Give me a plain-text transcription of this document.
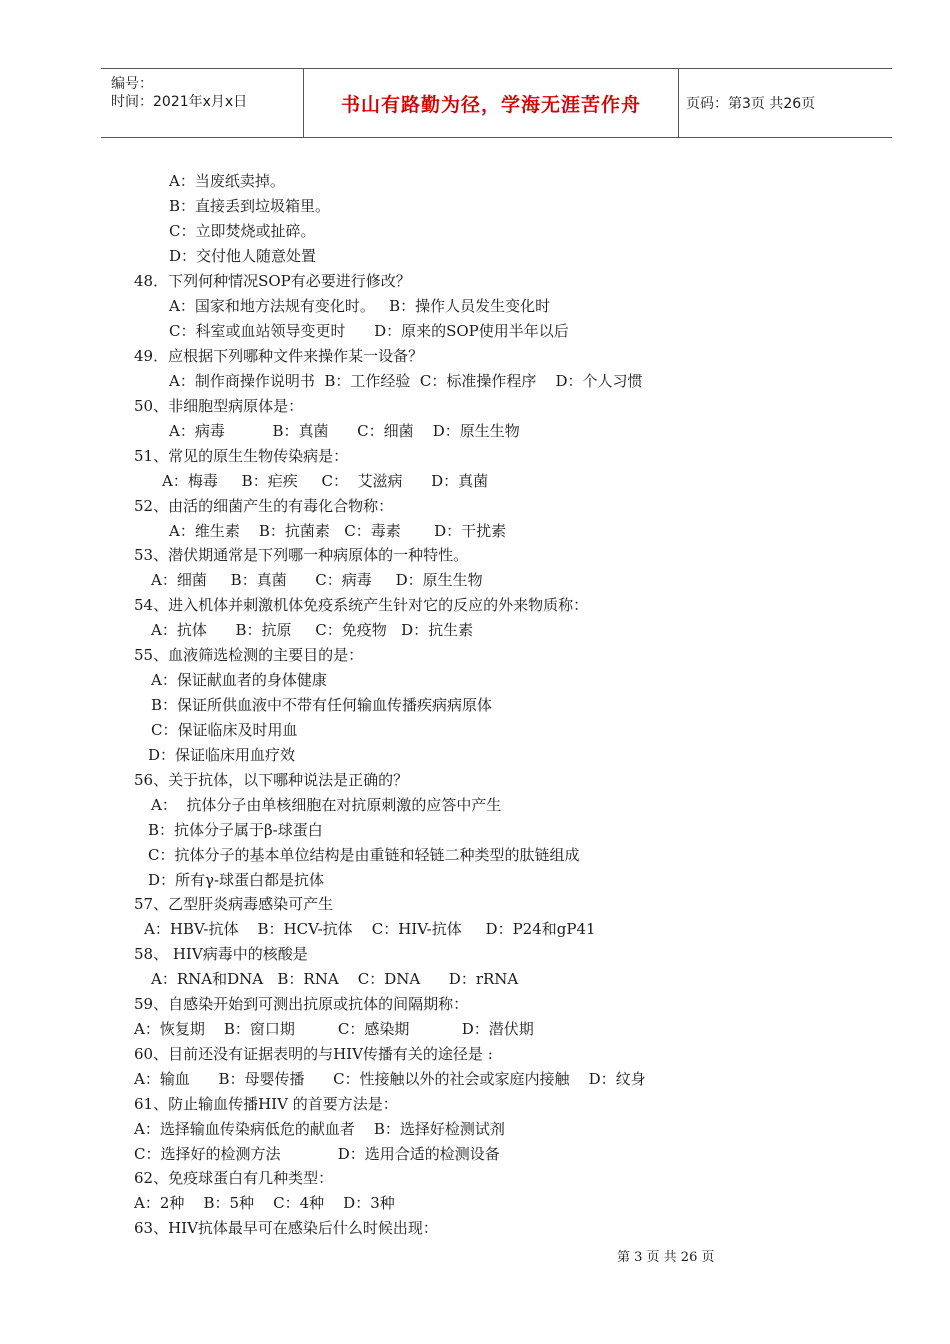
编号：
时间：2021年x月x日	书山有路勤为径，学海无涯苦作舟	页码：第3页 共26页
A：当废纸卖掉。
B：直接丢到垃圾箱里。
C：立即焚烧或扯碎。
D：交付他人随意处置
48．下列何种情况SOP有必要进行修改？
A：国家和地方法规有变化时。   B：操作人员发生变化时
C：科室或血站领导变更时      D：原来的SOP使用半年以后
49．应根据下列哪种文件来操作某一设备？
A：制作商操作说明书  B：工作经验  C：标准操作程序    D：个人习惯
50、非细胞型病原体是：
A：病毒          B：真菌      C：细菌    D：原生生物
51、常见的原生生物传染病是：
A：梅毒     B：疟疾     C：  艾滋病      D：真菌
52、由活的细菌产生的有毒化合物称：
A：维生素    B：抗菌素   C：毒素       D：干扰素
53、潜伏期通常是下列哪一种病原体的一种特性。
A：细菌     B：真菌      C：病毒     D：原生生物
54、进入机体并刺激机体免疫系统产生针对它的反应的外来物质称：
A：抗体      B：抗原     C：免疫物   D：抗生素
55、血液筛选检测的主要目的是：
A：保证献血者的身体健康
B：保证所供血液中不带有任何输血传播疾病病原体
C：保证临床及时用血
D：保证临床用血疗效
56、关于抗体，以下哪种说法是正确的？
A：  抗体分子由单核细胞在对抗原刺激的应答中产生
B：抗体分子属于β-球蛋白
C：抗体分子的基本单位结构是由重链和轻链二种类型的肽链组成
D：所有γ-球蛋白都是抗体
57、乙型肝炎病毒感染可产生
A：HBV-抗体    B：HCV-抗体    C：HIV-抗体     D：P24和gP41
58、 HIV病毒中的核酸是
A：RNA和DNA   B：RNA    C：DNA      D：rRNA
59、自感染开始到可测出抗原或抗体的间隔期称：
A：恢复期    B：窗口期         C：感染期           D：潜伏期
60、目前还没有证据表明的与HIV传播有关的途径是 :
A：输血      B：母婴传播      C：性接触以外的社会或家庭内接触    D：纹身
61、防止输血传播HIV 的首要方法是：
A：选择输血传染病低危的献血者    B：选择好检测试剂
C：选择好的检测方法            D：选用合适的检测设备
62、免疫球蛋白有几种类型：
A：2种    B：5种    C：4种    D：3种
63、HIV抗体最早可在感染后什么时候出现：
第 3 页 共 26 页
